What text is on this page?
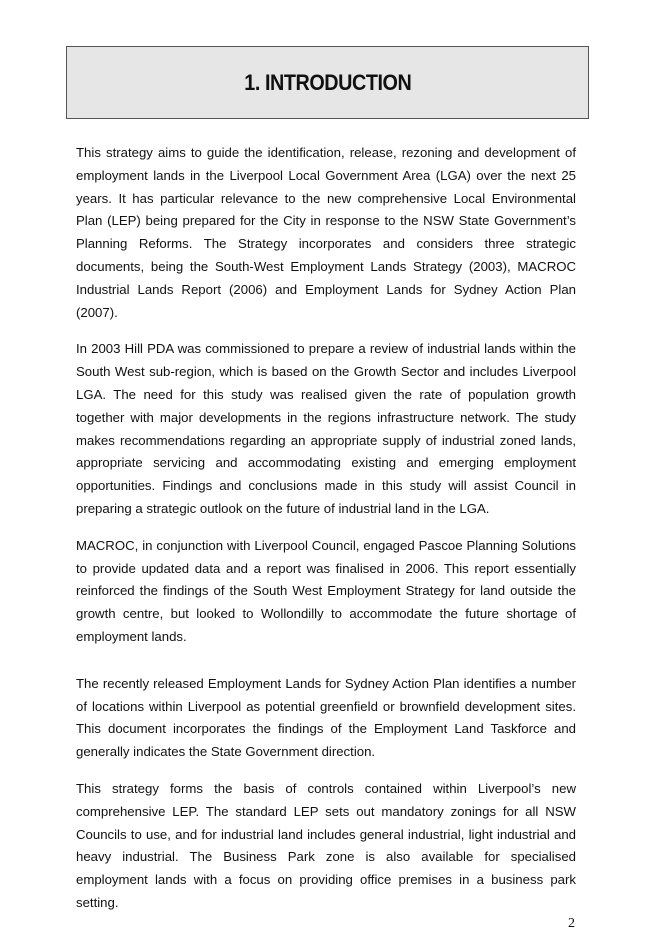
1. INTRODUCTION

This strategy aims to guide the identification, release, rezoning and development of employment lands in the Liverpool Local Government Area (LGA) over the next 25 years. It has particular relevance to the new comprehensive Local Environmental Plan (LEP) being prepared for the City in response to the NSW State Government’s Planning Reforms. The Strategy incorporates and considers three strategic documents, being the South-West Employment Lands Strategy (2003), MACROC Industrial Lands Report (2006) and Employment Lands for Sydney Action Plan (2007).

In 2003 Hill PDA was commissioned to prepare a review of industrial lands within the South West sub-region, which is based on the Growth Sector and includes Liverpool LGA. The need for this study was realised given the rate of population growth together with major developments in the regions infrastructure network. The study makes recommendations regarding an appropriate supply of industrial zoned lands, appropriate servicing and accommodating existing and emerging employment opportunities. Findings and conclusions made in this study will assist Council in preparing a strategic outlook on the future of industrial land in the LGA.

MACROC, in conjunction with Liverpool Council, engaged Pascoe Planning Solutions to provide updated data and a report was finalised in 2006. This report essentially reinforced the findings of the South West Employment Strategy for land outside the growth centre, but looked to Wollondilly to accommodate the future shortage of employment lands.

The recently released Employment Lands for Sydney Action Plan identifies a number of locations within Liverpool as potential greenfield or brownfield development sites. This document incorporates the findings of the Employment Land Taskforce and generally indicates the State Government direction.

This strategy forms the basis of controls contained within Liverpool’s new comprehensive LEP. The standard LEP sets out mandatory zonings for all NSW Councils to use, and for industrial land includes general industrial, light industrial and heavy industrial. The Business Park zone is also available for specialised employment lands with a focus on providing office premises in a business park setting.

2
